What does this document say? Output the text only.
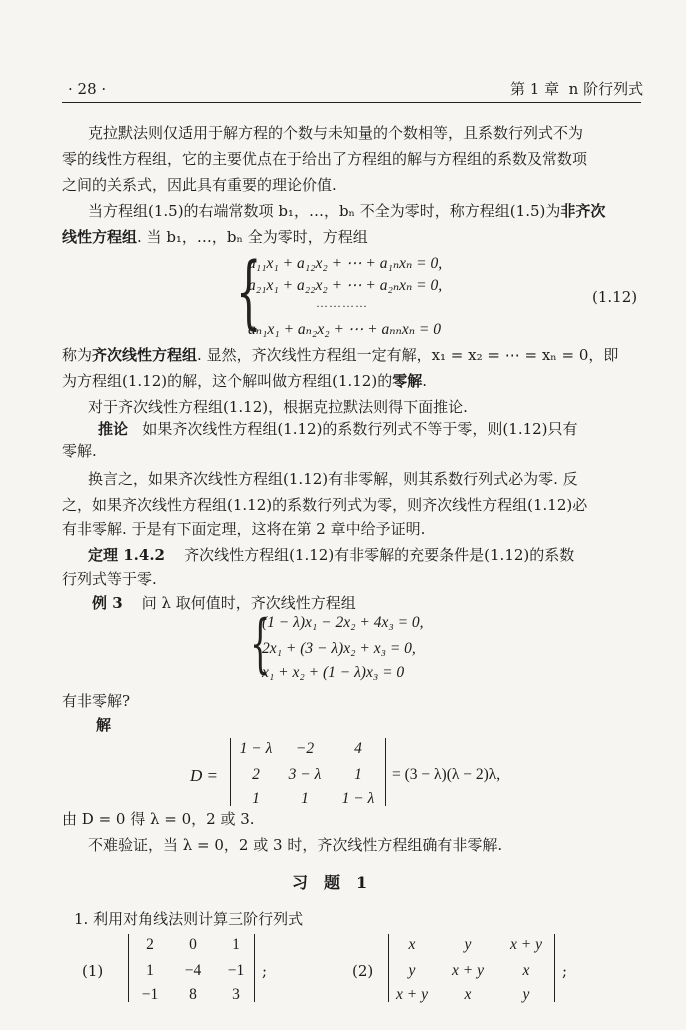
· 28 ·	第 1 章 n 阶行列式
克拉默法则仅适用于解方程的个数与未知量的个数相等，且系数行列式不为
零的线性方程组，它的主要优点在于给出了方程组的解与方程组的系数及常数项
之间的关系式，因此具有重要的理论价值.
当方程组(1.5)的右端常数项 b₁，…，bₙ 不全为零时，称方程组(1.5)为非齐次
线性方程组. 当 b₁，…，bₙ 全为零时，方程组
{
a₁₁x₁ + a₁₂x₂ + ⋯ + a₁ₙxₙ = 0,
a₂₁x₁ + a₂₂x₂ + ⋯ + a₂ₙxₙ = 0,
…………
aₙ₁x₁ + aₙ₂x₂ + ⋯ + aₙₙxₙ = 0
(1.12)
称为齐次线性方程组. 显然，齐次线性方程组一定有解，x₁ = x₂ = ⋯ = xₙ = 0，即
为方程组(1.12)的解，这个解叫做方程组(1.12)的零解.
对于齐次线性方程组(1.12)，根据克拉默法则得下面推论.
推论 如果齐次线性方程组(1.12)的系数行列式不等于零，则(1.12)只有
零解.
换言之，如果齐次线性方程组(1.12)有非零解，则其系数行列式必为零. 反
之，如果齐次线性方程组(1.12)的系数行列式为零，则齐次线性方程组(1.12)必
有非零解. 于是有下面定理，这将在第 2 章中给予证明.
定理 1.4.2 齐次线性方程组(1.12)有非零解的充要条件是(1.12)的系数
行列式等于零.
例 3 问 λ 取何值时，齐次线性方程组
{
(1 − λ)x₁ − 2x₂ + 4x₃ = 0,
2x₁ + (3 − λ)x₂ + x₃ = 0,
x₁ + x₂ + (1 − λ)x₃ = 0
有非零解?
解
D =
1 − λ	−2	4
2	3 − λ	1
1	1	1 − λ
= (3 − λ)(λ − 2)λ,
由 D = 0 得 λ = 0，2 或 3.
不难验证，当 λ = 0，2 或 3 时，齐次线性方程组确有非零解.
习　题　1
1. 利用对角线法则计算三阶行列式
(1)
2	0	1
1	−4	−1
−1	8	3
;	(2)
x	y	x + y
y	x + y	x
x + y	x	y
;
